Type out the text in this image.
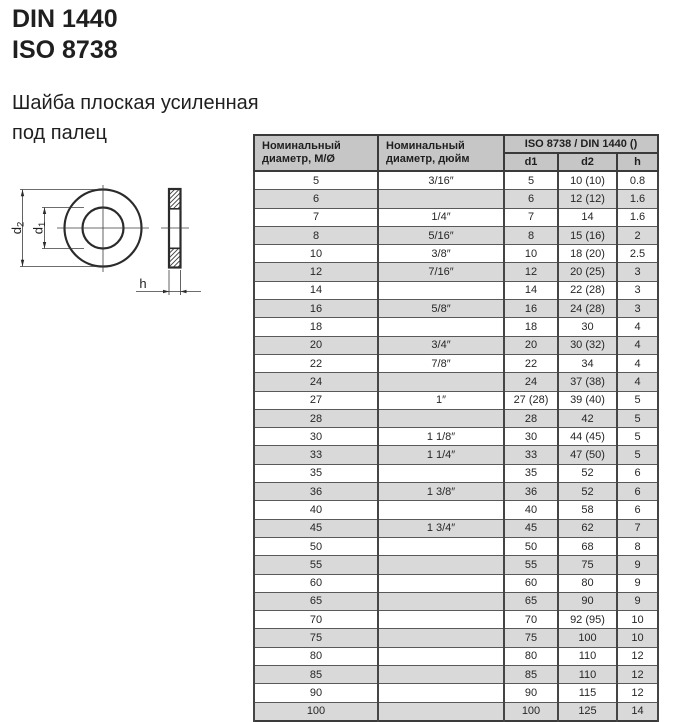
DIN 1440
ISO 8738
Шайба плоская усиленная
под палец
d2
d1
h
Номинальный диаметр, М/Ø	Номинальный диаметр, дюйм	ISO 8738 / DIN 1440 ()		
		d1	d2	h
5	3/16″	5	10 (10)	0.8
6		6	12 (12)	1.6
7	1/4″	7	14	1.6
8	5/16″	8	15 (16)	2
10	3/8″	10	18 (20)	2.5
12	7/16″	12	20 (25)	3
14		14	22 (28)	3
16	5/8″	16	24 (28)	3
18		18	30	4
20	3/4″	20	30 (32)	4
22	7/8″	22	34	4
24		24	37 (38)	4
27	1″	27 (28)	39 (40)	5
28		28	42	5
30	1 1/8″	30	44 (45)	5
33	1 1/4″	33	47 (50)	5
35		35	52	6
36	1 3/8″	36	52	6
40		40	58	6
45	1 3/4″	45	62	7
50		50	68	8
55		55	75	9
60		60	80	9
65		65	90	9
70		70	92 (95)	10
75		75	100	10
80		80	110	12
85		85	110	12
90		90	115	12
100		100	125	14
